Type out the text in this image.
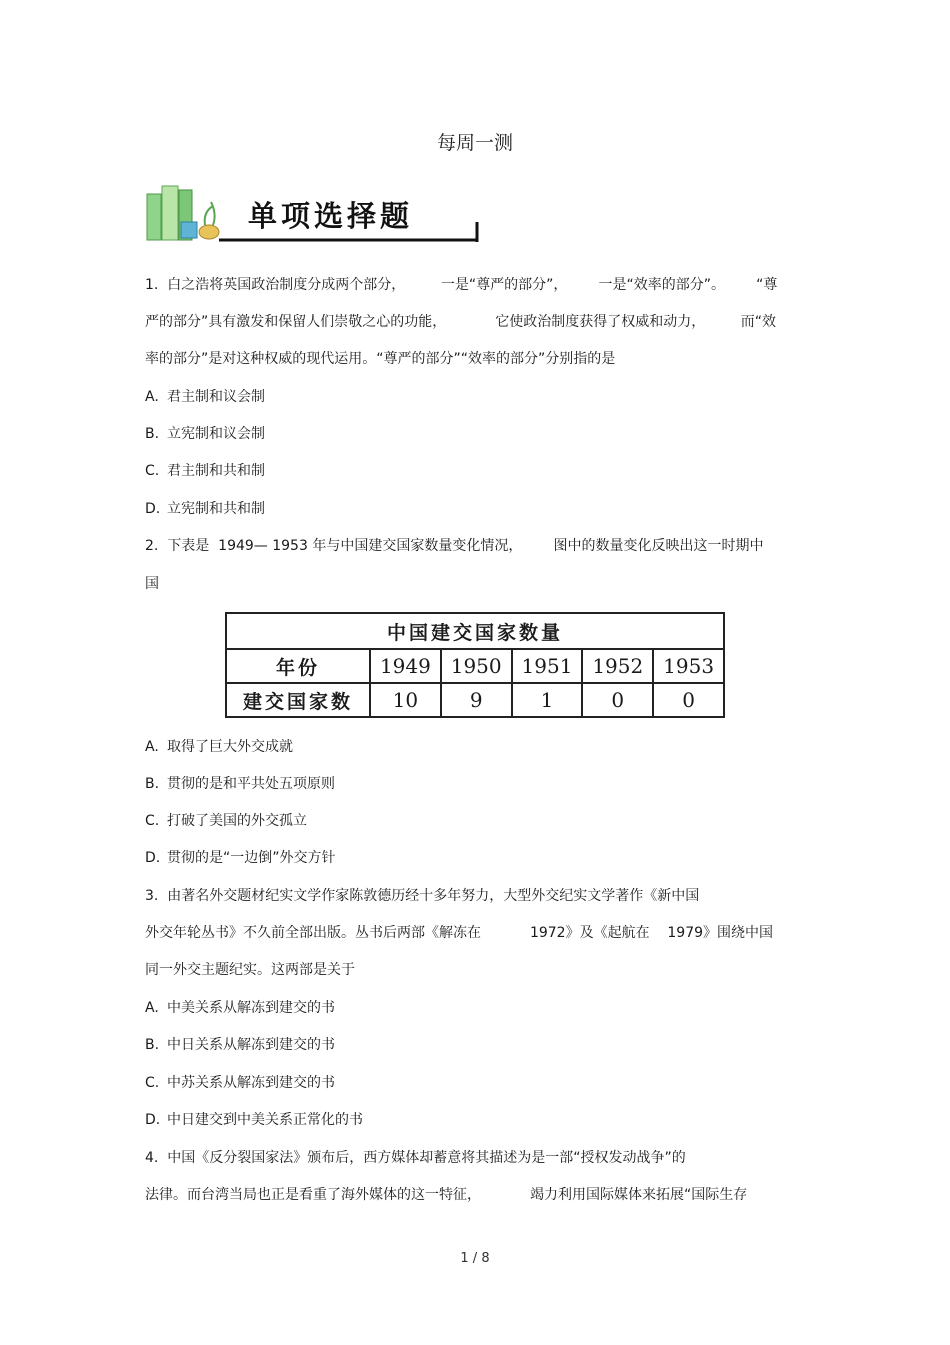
每周一测
单项选择题
1.  白之浩将英国政治制度分成两个部分，        一是“尊严的部分”，       一是“效率的部分”。       “尊
严的部分”具有激发和保留人们崇敬之心的功能，           它使政治制度获得了权威和动力，        而“效
率的部分”是对这种权威的现代运用。“尊严的部分”“效率的部分”分别指的是
A. 君主制和议会制
B. 立宪制和议会制
C. 君主制和共和制
D. 立宪制和共和制
2.  下表是  1949— 1953 年与中国建交国家数量变化情况，       图中的数量变化反映出这一时期中
国
中国建交国家数量					
年份	1949	1950	1951	1952	1953
建交国家数	10	9	1	0	0
A. 取得了巨大外交成就
B. 贯彻的是和平共处五项原则
C. 打破了美国的外交孤立
D. 贯彻的是“一边倒”外交方针
3.  由著名外交题材纪实文学作家陈敦德历经十多年努力，大型外交纪实文学著作《新中国
外交年轮丛书》不久前全部出版。丛书后两部《解冻在           1972》及《起航在    1979》围绕中国
同一外交主题纪实。这两部是关于
A. 中美关系从解冻到建交的书
B. 中日关系从解冻到建交的书
C. 中苏关系从解冻到建交的书
D. 中日建交到中美关系正常化的书
4.  中国《反分裂国家法》颁布后，西方媒体却蓄意将其描述为是一部“授权发动战争”的
法律。而台湾当局也正是看重了海外媒体的这一特征，           竭力利用国际媒体来拓展“国际生存
1 / 8
